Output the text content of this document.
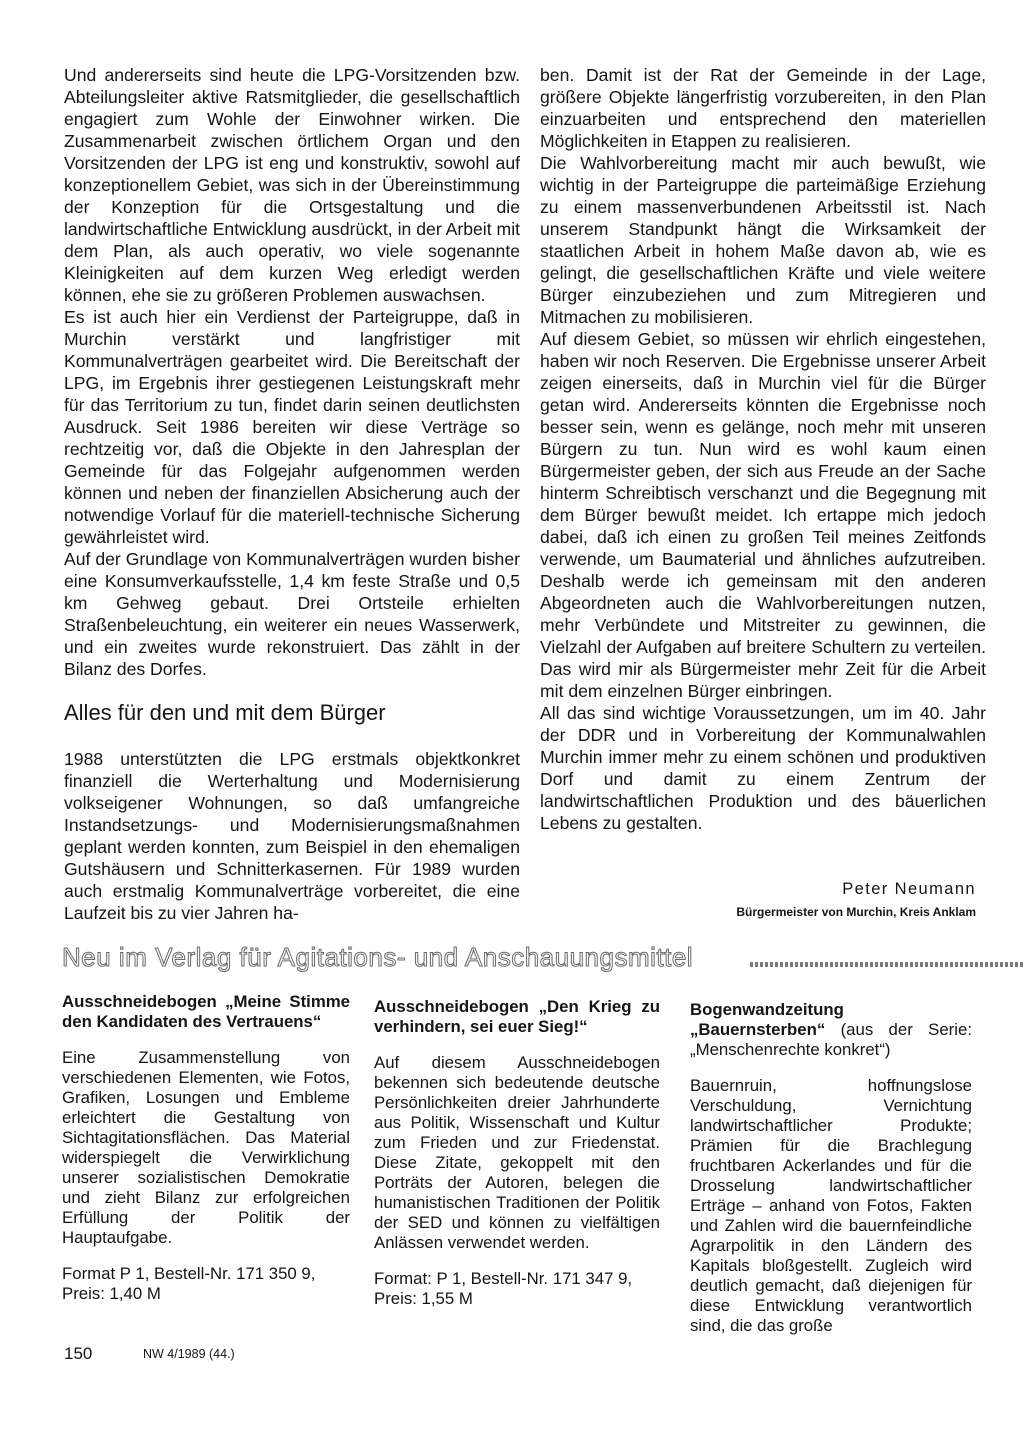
Und andererseits sind heute die LPG-Vorsitzenden bzw. Abteilungsleiter aktive Ratsmitglieder, die gesellschaftlich engagiert zum Wohle der Einwohner wirken. Die Zusammenarbeit zwischen örtlichem Organ und den Vorsitzenden der LPG ist eng und konstruktiv, sowohl auf konzeptionellem Gebiet, was sich in der Übereinstimmung der Konzeption für die Ortsgestaltung und die landwirtschaftliche Entwicklung ausdrückt, in der Arbeit mit dem Plan, als auch operativ, wo viele sogenannte Kleinigkeiten auf dem kurzen Weg erledigt werden können, ehe sie zu größeren Problemen auswachsen.

Es ist auch hier ein Verdienst der Parteigruppe, daß in Murchin verstärkt und langfristiger mit Kommunalverträgen gearbeitet wird. Die Bereitschaft der LPG, im Ergebnis ihrer gestiegenen Leistungskraft mehr für das Territorium zu tun, findet darin seinen deutlichsten Ausdruck. Seit 1986 bereiten wir diese Verträge so rechtzeitig vor, daß die Objekte in den Jahresplan der Gemeinde für das Folgejahr aufgenommen werden können und neben der finanziellen Absicherung auch der notwendige Vorlauf für die materiell-technische Sicherung gewährleistet wird.

Auf der Grundlage von Kommunalverträgen wurden bisher eine Konsumverkaufsstelle, 1,4 km feste Straße und 0,5 km Gehweg gebaut. Drei Ortsteile erhielten Straßenbeleuchtung, ein weiterer ein neues Wasserwerk, und ein zweites wurde rekonstruiert. Das zählt in der Bilanz des Dorfes.

Alles für den und mit dem Bürger

1988 unterstützten die LPG erstmals objektkonkret finanziell die Werterhaltung und Modernisierung volkseigener Wohnungen, so daß umfangreiche Instandsetzungs- und Modernisierungsmaßnahmen geplant werden konnten, zum Beispiel in den ehemaligen Gutshäusern und Schnitterkasernen. Für 1989 wurden auch erstmalig Kommunalverträge vorbereitet, die eine Laufzeit bis zu vier Jahren ha-

ben. Damit ist der Rat der Gemeinde in der Lage, größere Objekte längerfristig vorzubereiten, in den Plan einzuarbeiten und entsprechend den materiellen Möglichkeiten in Etappen zu realisieren.

Die Wahlvorbereitung macht mir auch bewußt, wie wichtig in der Parteigruppe die parteimäßige Erziehung zu einem massenverbundenen Arbeitsstil ist. Nach unserem Standpunkt hängt die Wirksamkeit der staatlichen Arbeit in hohem Maße davon ab, wie es gelingt, die gesellschaftlichen Kräfte und viele weitere Bürger einzubeziehen und zum Mitregieren und Mitmachen zu mobilisieren.

Auf diesem Gebiet, so müssen wir ehrlich eingestehen, haben wir noch Reserven. Die Ergebnisse unserer Arbeit zeigen einerseits, daß in Murchin viel für die Bürger getan wird. Andererseits könnten die Ergebnisse noch besser sein, wenn es gelänge, noch mehr mit unseren Bürgern zu tun. Nun wird es wohl kaum einen Bürgermeister geben, der sich aus Freude an der Sache hinterm Schreibtisch verschanzt und die Begegnung mit dem Bürger bewußt meidet. Ich ertappe mich jedoch dabei, daß ich einen zu großen Teil meines Zeitfonds verwende, um Baumaterial und ähnliches aufzutreiben. Deshalb werde ich gemeinsam mit den anderen Abgeordneten auch die Wahlvorbereitungen nutzen, mehr Verbündete und Mitstreiter zu gewinnen, die Vielzahl der Aufgaben auf breitere Schultern zu verteilen. Das wird mir als Bürgermeister mehr Zeit für die Arbeit mit dem einzelnen Bürger einbringen.

All das sind wichtige Voraussetzungen, um im 40. Jahr der DDR und in Vorbereitung der Kommunalwahlen Murchin immer mehr zu einem schönen und produktiven Dorf und damit zu einem Zentrum der landwirtschaftlichen Produktion und des bäuerlichen Lebens zu gestalten.

Peter Neumann
Bürgermeister von Murchin, Kreis Anklam
Neu im Verlag für Agitations- und Anschauungsmittel
Ausschneidebogen „Meine Stimme den Kandidaten des Vertrauens“

Eine Zusammenstellung von verschiedenen Elementen, wie Fotos, Grafiken, Losungen und Embleme erleichtert die Gestaltung von Sichtagitationsflächen. Das Material widerspiegelt die Verwirklichung unserer sozialistischen Demokratie und zieht Bilanz zur erfolgreichen Erfüllung der Politik der Hauptaufgabe.

Format P 1, Bestell-Nr. 171 350 9,
Preis: 1,40 M

Ausschneidebogen „Den Krieg zu verhindern, sei euer Sieg!“

Auf diesem Ausschneidebogen bekennen sich bedeutende deutsche Persönlichkeiten dreier Jahrhunderte aus Politik, Wissenschaft und Kultur zum Frieden und zur Friedenstat. Diese Zitate, gekoppelt mit den Porträts der Autoren, belegen die humanistischen Traditionen der Politik der SED und können zu vielfältigen Anlässen verwendet werden.

Format: P 1, Bestell-Nr. 171 347 9,
Preis: 1,55 M

Bogenwandzeitung „Bauernsterben“ (aus der Serie: „Menschenrechte konkret“)

Bauernruin, hoffnungslose Verschuldung, Vernichtung landwirtschaftlicher Produkte; Prämien für die Brachlegung fruchtbaren Ackerlandes und für die Drosselung landwirtschaftlicher Erträge – anhand von Fotos, Fakten und Zahlen wird die bauernfeindliche Agrarpolitik in den Ländern des Kapitals bloßgestellt. Zugleich wird deutlich gemacht, daß diejenigen für diese Entwicklung verantwortlich sind, die das große

150	NW 4/1989 (44.)
